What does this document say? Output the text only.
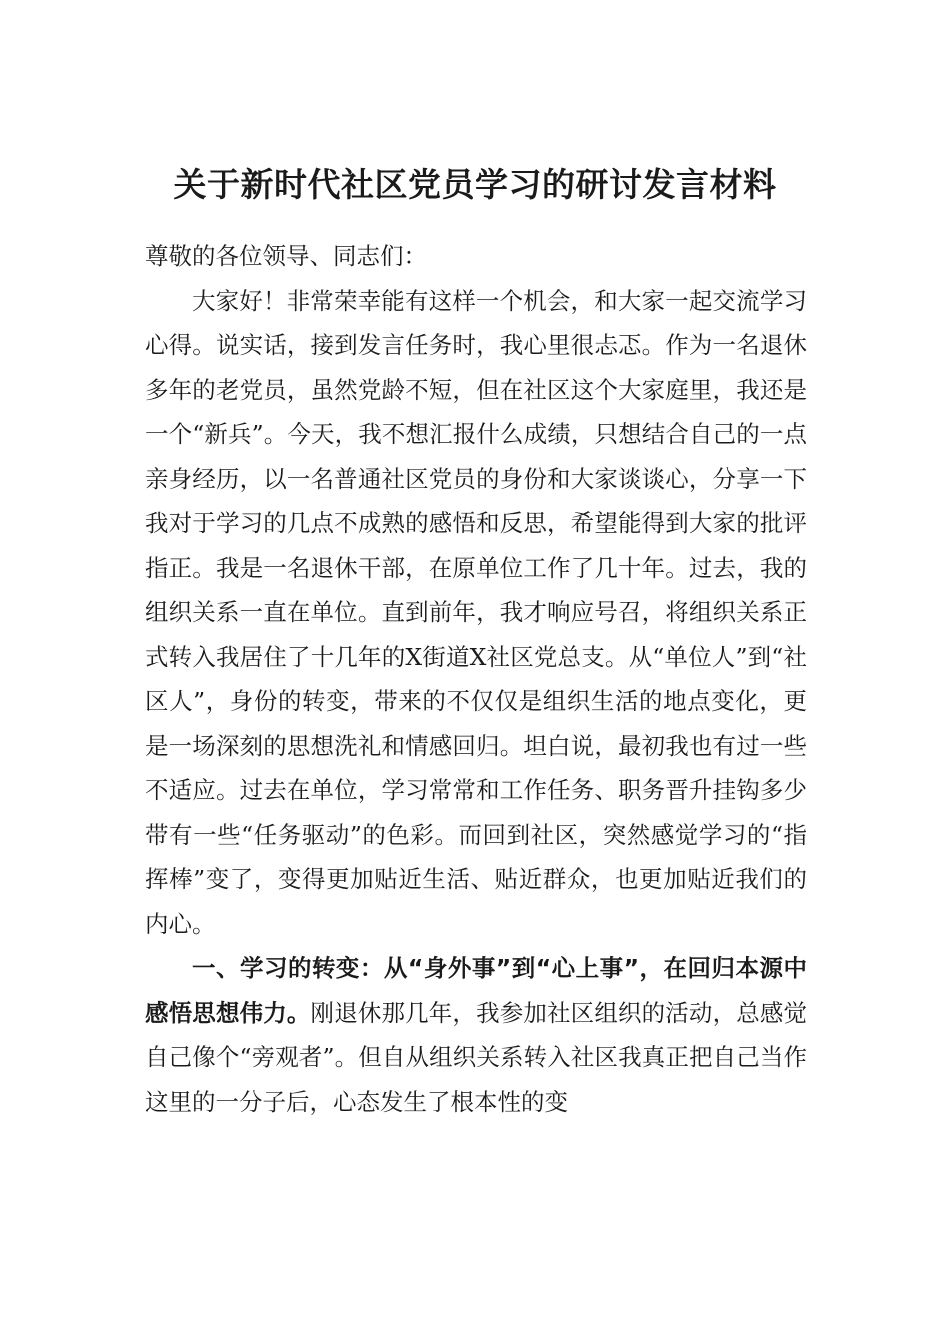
关于新时代社区党员学习的研讨发言材料

尊敬的各位领导、同志们：

大家好！非常荣幸能有这样一个机会，和大家一起交流学习心得。说实话，接到发言任务时，我心里很忐忑。作为一名退休多年的老党员，虽然党龄不短，但在社区这个大家庭里，我还是一个“新兵”。今天，我不想汇报什么成绩，只想结合自己的一点亲身经历，以一名普通社区党员的身份和大家谈谈心，分享一下我对于学习的几点不成熟的感悟和反思，希望能得到大家的批评指正。我是一名退休干部，在原单位工作了几十年。过去，我的组织关系一直在单位。直到前年，我才响应号召，将组织关系正式转入我居住了十几年的X街道X社区党总支。从“单位人”到“社区人”，身份的转变，带来的不仅仅是组织生活的地点变化，更是一场深刻的思想洗礼和情感回归。坦白说，最初我也有过一些不适应。过去在单位，学习常常和工作任务、职务晋升挂钩多少带有一些“任务驱动”的色彩。而回到社区，突然感觉学习的“指挥棒”变了，变得更加贴近生活、贴近群众，也更加贴近我们的内心。

一、学习的转变：从“身外事”到“心上事”，在回归本源中感悟思想伟力。刚退休那几年，我参加社区组织的活动，总感觉自己像个“旁观者”。但自从组织关系转入社区我真正把自己当作这里的一分子后，心态发生了根本性的变
